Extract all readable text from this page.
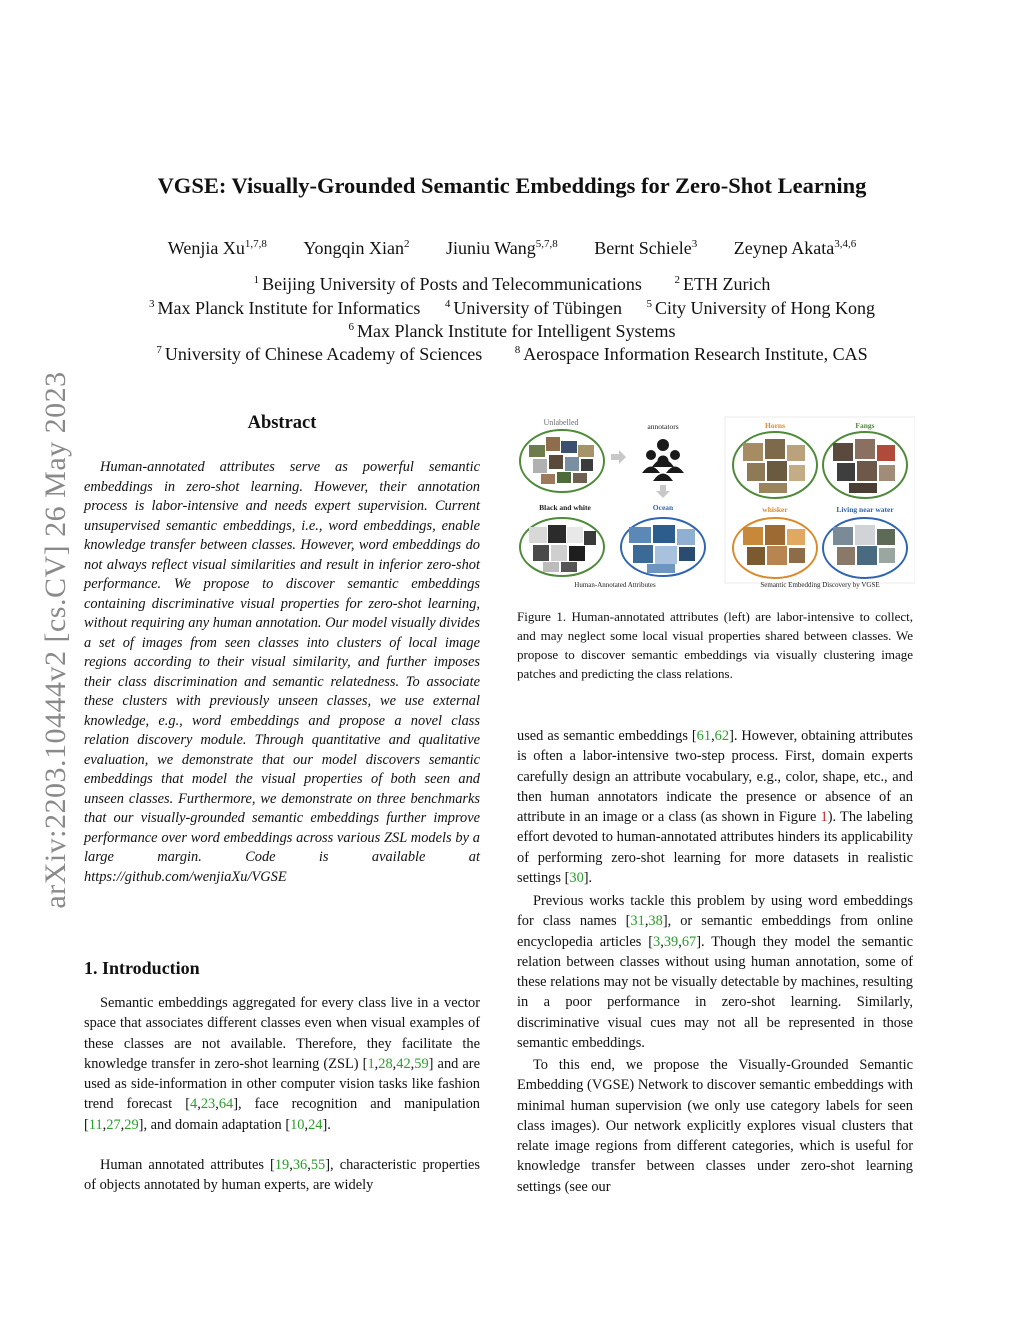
arXiv:2203.10444v2 [cs.CV] 26 May 2023
VGSE: Visually-Grounded Semantic Embeddings for Zero-Shot Learning
Wenjia Xu$^{1,7,8}$ Yongqin Xian$^2$ Jiuniu Wang$^{5,7,8}$ Bernt Schiele$^3$ Zeynep Akata$^{3,4,6}$
$^1$ Beijing University of Posts and Telecommunications	$^2$ ETH Zurich
$^3$ Max Planck Institute for Informatics $^4$ University of Tübingen $^5$ City University of Hong Kong
$^6$ Max Planck Institute for Intelligent Systems
$^7$ University of Chinese Academy of Sciences	$^8$ Aerospace Information Research Institute, CAS
Abstract
Human-annotated attributes serve as powerful semantic embeddings in zero-shot learning. However, their annotation process is labor-intensive and needs expert supervision. Current unsupervised semantic embeddings, i.e., word embeddings, enable knowledge transfer between classes. However, word embeddings do not always reflect visual similarities and result in inferior zero-shot performance. We propose to discover semantic embeddings containing discriminative visual properties for zero-shot learning, without requiring any human annotation. Our model visually divides a set of images from seen classes into clusters of local image regions according to their visual similarity, and further imposes their class discrimination and semantic relatedness. To associate these clusters with previously unseen classes, we use external knowledge, e.g., word embeddings and propose a novel class relation discovery module. Through quantitative and qualitative evaluation, we demonstrate that our model discovers semantic embeddings that model the visual properties of both seen and unseen classes. Furthermore, we demonstrate on three benchmarks that our visually-grounded semantic embeddings further improve performance over word embeddings across various ZSL models by a large margin. Code is available at https://github.com/wenjiaXu/VGSE
1. Introduction
Semantic embeddings aggregated for every class live in a vector space that associates different classes even when visual examples of these classes are not available. Therefore, they facilitate the knowledge transfer in zero-shot learning (ZSL) [1,28,42,59] and are used as side-information in other computer vision tasks like fashion trend forecast [4,23,64], face recognition and manipulation [11,27,29], and domain adaptation [10,24].
Human annotated attributes [19,36,55], characteristic properties of objects annotated by human experts, are widely
Unlabelled	annotators
Black and white	Ocean
Human-Annotated Attributes
Horns	Fangs
whisker	Living near water
Semantic Embedding Discovery by VGSE
Figure 1. Human-annotated attributes (left) are labor-intensive to collect, and may neglect some local visual properties shared between classes. We propose to discover semantic embeddings via visually clustering image patches and predicting the class relations.
used as semantic embeddings [61,62]. However, obtaining attributes is often a labor-intensive two-step process. First, domain experts carefully design an attribute vocabulary, e.g., color, shape, etc., and then human annotators indicate the presence or absence of an attribute in an image or a class (as shown in Figure 1). The labeling effort devoted to human-annotated attributes hinders its applicability of performing zero-shot learning for more datasets in realistic settings [30].
Previous works tackle this problem by using word embeddings for class names [31,38], or semantic embeddings from online encyclopedia articles [3,39,67]. Though they model the semantic relation between classes without using human annotation, some of these relations may not be visually detectable by machines, resulting in a poor performance in zero-shot learning. Similarly, discriminative visual cues may not all be represented in those semantic embeddings.
To this end, we propose the Visually-Grounded Semantic Embedding (VGSE) Network to discover semantic embeddings with minimal human supervision (we only use category labels for seen class images). Our network explicitly explores visual clusters that relate image regions from different categories, which is useful for knowledge transfer between classes under zero-shot learning settings (see our
